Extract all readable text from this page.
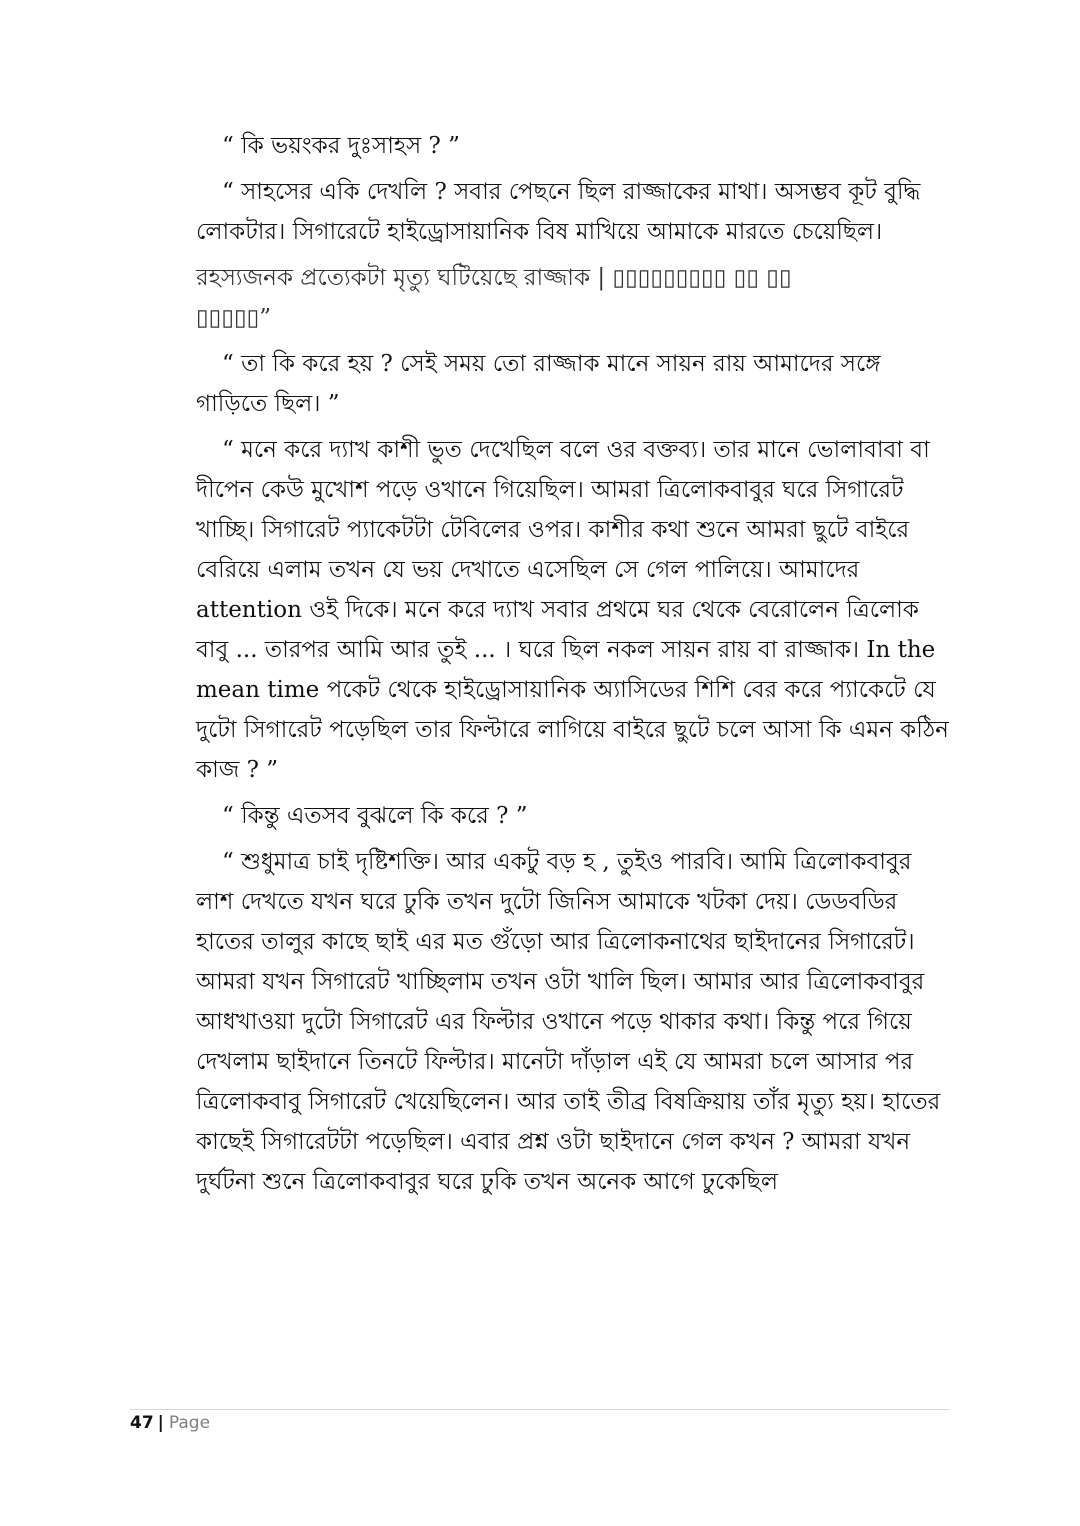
“ কি ভয়ংকর দুঃসাহস ? ”

“ সাহসের একি দেখলি ? সবার পেছনে ছিল রাজ্জাকের মাথা। অসম্ভব কূট বুদ্ধি লোকটার। সিগারেটে হাইড্রোসায়ানিক বিষ মাখিয়ে আমাকে মারতে চেয়েছিল।

রহস্যজনক প্রত্যেকটা মৃত্যু ঘটিয়েছে রাজ্জাক | ▯▯▯▯▯▯▯▯▯ ▯▯ ▯▯
▯▯▯▯▯”

“ তা কি করে হয় ? সেই সময় তো রাজ্জাক মানে সায়ন রায় আমাদের সঙ্গে গাড়িতে ছিল। ”

“ মনে করে দ্যাখ কাশী ভুত দেখেছিল বলে ওর বক্তব্য। তার মানে ভোলাবাবা বা দীপেন কেউ মুখোশ পড়ে ওখানে গিয়েছিল। আমরা ত্রিলোকবাবুর ঘরে সিগারেট খাচ্ছি। সিগারেট প্যাকেটটা টেবিলের ওপর। কাশীর কথা শুনে আমরা ছুটে বাইরে বেরিয়ে এলাম তখন যে ভয় দেখাতে এসেছিল সে গেল পালিয়ে। আমাদের attention ওই দিকে। মনে করে দ্যাখ সবার প্রথমে ঘর থেকে বেরোলেন ত্রিলোক বাবু ... তারপর আমি আর তুই ... । ঘরে ছিল নকল সায়ন রায় বা রাজ্জাক। In the mean time পকেট থেকে হাইড্রোসায়ানিক অ্যাসিডের শিশি বের করে প্যাকেটে যে দুটো সিগারেট পড়েছিল তার ফিল্টারে লাগিয়ে বাইরে ছুটে চলে আসা কি এমন কঠিন কাজ ? ”

“ কিন্তু এতসব বুঝলে কি করে ? ”

“ শুধুমাত্র চাই দৃষ্টিশক্তি। আর একটু বড় হ , তুইও পারবি। আমি ত্রিলোকবাবুর লাশ দেখতে যখন ঘরে ঢুকি তখন দুটো জিনিস আমাকে খটকা দেয়। ডেডবডির হাতের তালুর কাছে ছাই এর মত গুঁড়ো আর ত্রিলোকনাথের ছাইদানের সিগারেট। আমরা যখন সিগারেট খাচ্ছিলাম তখন ওটা খালি ছিল। আমার আর ত্রিলোকবাবুর আধখাওয়া দুটো সিগারেট এর ফিল্টার ওখানে পড়ে থাকার কথা। কিন্তু পরে গিয়ে দেখলাম ছাইদানে তিনটে ফিল্টার। মানেটা দাঁড়াল এই যে আমরা চলে আসার পর ত্রিলোকবাবু সিগারেট খেয়েছিলেন। আর তাই তীব্র বিষক্রিয়ায় তাঁর মৃত্যু হয়। হাতের কাছেই সিগারেটটা পড়েছিল। এবার প্রশ্ন ওটা ছাইদানে গেল কখন ? আমরা যখন দুর্ঘটনা শুনে ত্রিলোকবাবুর ঘরে ঢুকি তখন অনেক আগে ঢুকেছিল

47 | Page
